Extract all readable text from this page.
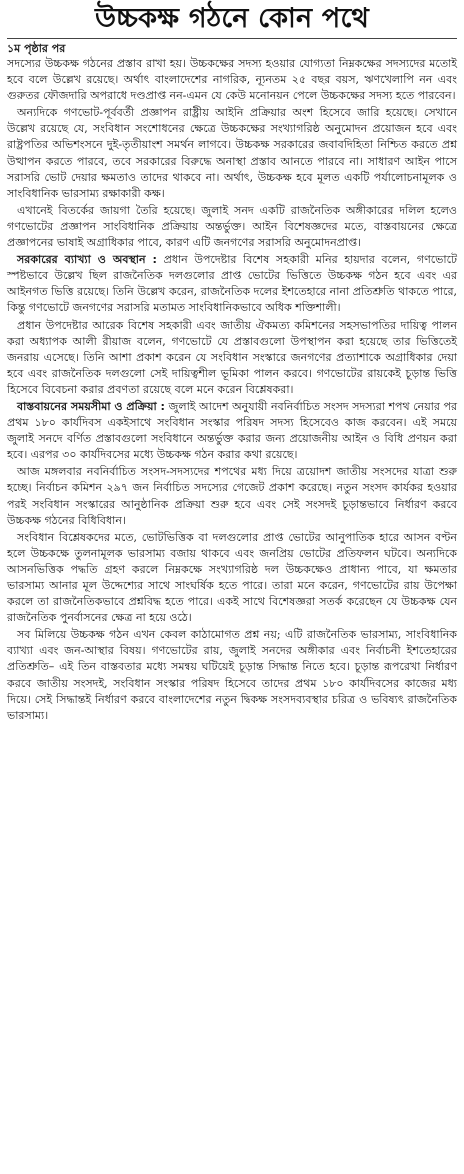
উচ্চকক্ষ গঠনে কোন পথে
১ম পৃষ্ঠার পর

সদস্যের উচ্চকক্ষ গঠনের প্রস্তাব রাখা হয়। উচ্চকক্ষের সদস্য হওয়ার যোগ্যতা নিম্নকক্ষের সদস্যদের মতোই হবে বলে উল্লেখ রয়েছে। অর্থাৎ বাংলাদেশের নাগরিক, ন্যূনতম ২৫ বছর বয়স, ঋণখেলাপি নন এবং গুরুতর ফৌজদারি অপরাধে দণ্ডপ্রাপ্ত নন-এমন যে কেউ মনোনয়ন পেলে উচ্চকক্ষের সদস্য হতে পারবেন।

অন্যদিকে গণভোট-পূর্ববর্তী প্রজ্ঞাপন রাষ্ট্রীয় আইনি প্রক্রিয়ার অংশ হিসেবে জারি হয়েছে। সেখানে উল্লেখ রয়েছে যে, সংবিধান সংশোধনের ক্ষেত্রে উচ্চকক্ষের সংখ্যাগরিষ্ঠ অনুমোদন প্রয়োজন হবে এবং রাষ্ট্রপতির অভিশংসনে দুই-তৃতীয়াংশ সমর্থন লাগবে। উচ্চকক্ষ সরকারের জবাবদিহিতা নিশ্চিত করতে প্রশ্ন উত্থাপন করতে পারবে, তবে সরকারের বিরুদ্ধে অনাস্থা প্রস্তাব আনতে পারবে না। সাধারণ আইন পাসে সরাসরি ভোট দেয়ার ক্ষমতাও তাদের থাকবে না। অর্থাৎ, উচ্চকক্ষ হবে মূলত একটি পর্যালোচনামূলক ও সাংবিধানিক ভারসাম্য রক্ষাকারী কক্ষ।

এখানেই বিতর্কের জায়গা তৈরি হয়েছে। জুলাই সনদ একটি রাজনৈতিক অঙ্গীকারের দলিল হলেও গণভোটের প্রজ্ঞাপন সাংবিধানিক প্রক্রিয়ায় অন্তর্ভুক্ত। আইন বিশেষজ্ঞদের মতে, বাস্তবায়নের ক্ষেত্রে প্রজ্ঞাপনের ভাষাই অগ্রাধিকার পাবে, কারণ এটি জনগণের সরাসরি অনুমোদনপ্রাপ্ত।

সরকারের ব্যাখ্যা ও অবস্থান : প্রধান উপদেষ্টার বিশেষ সহকারী মনির হায়দার বলেন, গণভোটে স্পষ্টভাবে উল্লেখ ছিল রাজনৈতিক দলগুলোর প্রাপ্ত ভোটের ভিত্তিতে উচ্চকক্ষ গঠন হবে এবং এর আইনগত ভিত্তি রয়েছে। তিনি উল্লেখ করেন, রাজনৈতিক দলের ইশতেহারে নানা প্রতিশ্রুতি থাকতে পারে, কিন্তু গণভোটে জনগণের সরাসরি মতামত সাংবিধানিকভাবে অধিক শক্তিশালী।

প্রধান উপদেষ্টার আরেক বিশেষ সহকারী এবং জাতীয় ঐকমত্য কমিশনের সহসভাপতির দায়িত্ব পালন করা অধ্যাপক আলী রীয়াজ বলেন, গণভোটে যে প্রস্তাবগুলো উপস্থাপন করা হয়েছে তার ভিত্তিতেই জনরায় এসেছে। তিনি আশা প্রকাশ করেন যে সংবিধান সংস্কারে জনগণের প্রত্যাশাকে অগ্রাধিকার দেয়া হবে এবং রাজনৈতিক দলগুলো সেই দায়িত্বশীল ভূমিকা পালন করবে। গণভোটের রায়কেই চূড়ান্ত ভিত্তি হিসেবে বিবেচনা করার প্রবণতা রয়েছে বলে মনে করেন বিশ্লেষকরা।

বাস্তবায়নের সময়সীমা ও প্রক্রিয়া : জুলাই আদেশ অনুযায়ী নবনির্বাচিত সংসদ সদস্যরা শপথ নেয়ার পর প্রথম ১৮০ কার্যদিবস একইসাথে সংবিধান সংস্কার পরিষদ সদস্য হিসেবেও কাজ করবেন। এই সময়ে জুলাই সনদে বর্ণিত প্রস্তাবগুলো সংবিধানে অন্তর্ভুক্ত করার জন্য প্রয়োজনীয় আইন ও বিধি প্রণয়ন করা হবে। এরপর ৩০ কার্যদিবসের মধ্যে উচ্চকক্ষ গঠন করার কথা রয়েছে।

আজ মঙ্গলবার নবনির্বাচিত সংসদ-সদস্যদের শপথের মধ্য দিয়ে ত্রয়োদশ জাতীয় সংসদের যাত্রা শুরু হচ্ছে। নির্বাচন কমিশন ২৯৭ জন নির্বাচিত সদস্যের গেজেট প্রকাশ করেছে। নতুন সংসদ কার্যকর হওয়ার পরই সংবিধান সংস্কারের আনুষ্ঠানিক প্রক্রিয়া শুরু হবে এবং সেই সংসদই চূড়ান্তভাবে নির্ধারণ করবে উচ্চকক্ষ গঠনের বিধিবিধান।

সংবিধান বিশ্লেষকদের মতে, ভোটভিত্তিক বা দলগুলোর প্রাপ্ত ভোটের আনুপাতিক হারে আসন বণ্টন হলে উচ্চকক্ষে তুলনামূলক ভারসাম্য বজায় থাকবে এবং জনপ্রিয় ভোটের প্রতিফলন ঘটবে। অন্যদিকে আসনভিত্তিক পদ্ধতি গ্রহণ করলে নিম্নকক্ষে সংখ্যাগরিষ্ঠ দল উচ্চকক্ষেও প্রাধান্য পাবে, যা ক্ষমতার ভারসাম্য আনার মূল উদ্দেশ্যের সাথে সাংঘর্ষিক হতে পারে। তারা মনে করেন, গণভোটের রায় উপেক্ষা করলে তা রাজনৈতিকভাবে প্রশ্নবিদ্ধ হতে পারে। একই সাথে বিশেষজ্ঞরা সতর্ক করেছেন যে উচ্চকক্ষ যেন রাজনৈতিক পুনর্বাসনের ক্ষেত্র না হয়ে ওঠে।

সব মিলিয়ে উচ্চকক্ষ গঠন এখন কেবল কাঠামোগত প্রশ্ন নয়; এটি রাজনৈতিক ভারসাম্য, সাংবিধানিক ব্যাখ্যা এবং জন-আস্থার বিষয়। গণভোটের রায়, জুলাই সনদের অঙ্গীকার এবং নির্বাচনী ইশতেহারের প্রতিশ্রুতি– এই তিন বাস্তবতার মধ্যে সমন্বয় ঘটিয়েই চূড়ান্ত সিদ্ধান্ত নিতে হবে। চূড়ান্ত রূপরেখা নির্ধারণ করবে জাতীয় সংসদই, সংবিধান সংস্কার পরিষদ হিসেবে তাদের প্রথম ১৮০ কার্যদিবসের কাজের মধ্য দিয়ে। সেই সিদ্ধান্তই নির্ধারণ করবে বাংলাদেশের নতুন দ্বিকক্ষ সংসদব্যবস্থার চরিত্র ও ভবিষ্যৎ রাজনৈতিক ভারসাম্য।
